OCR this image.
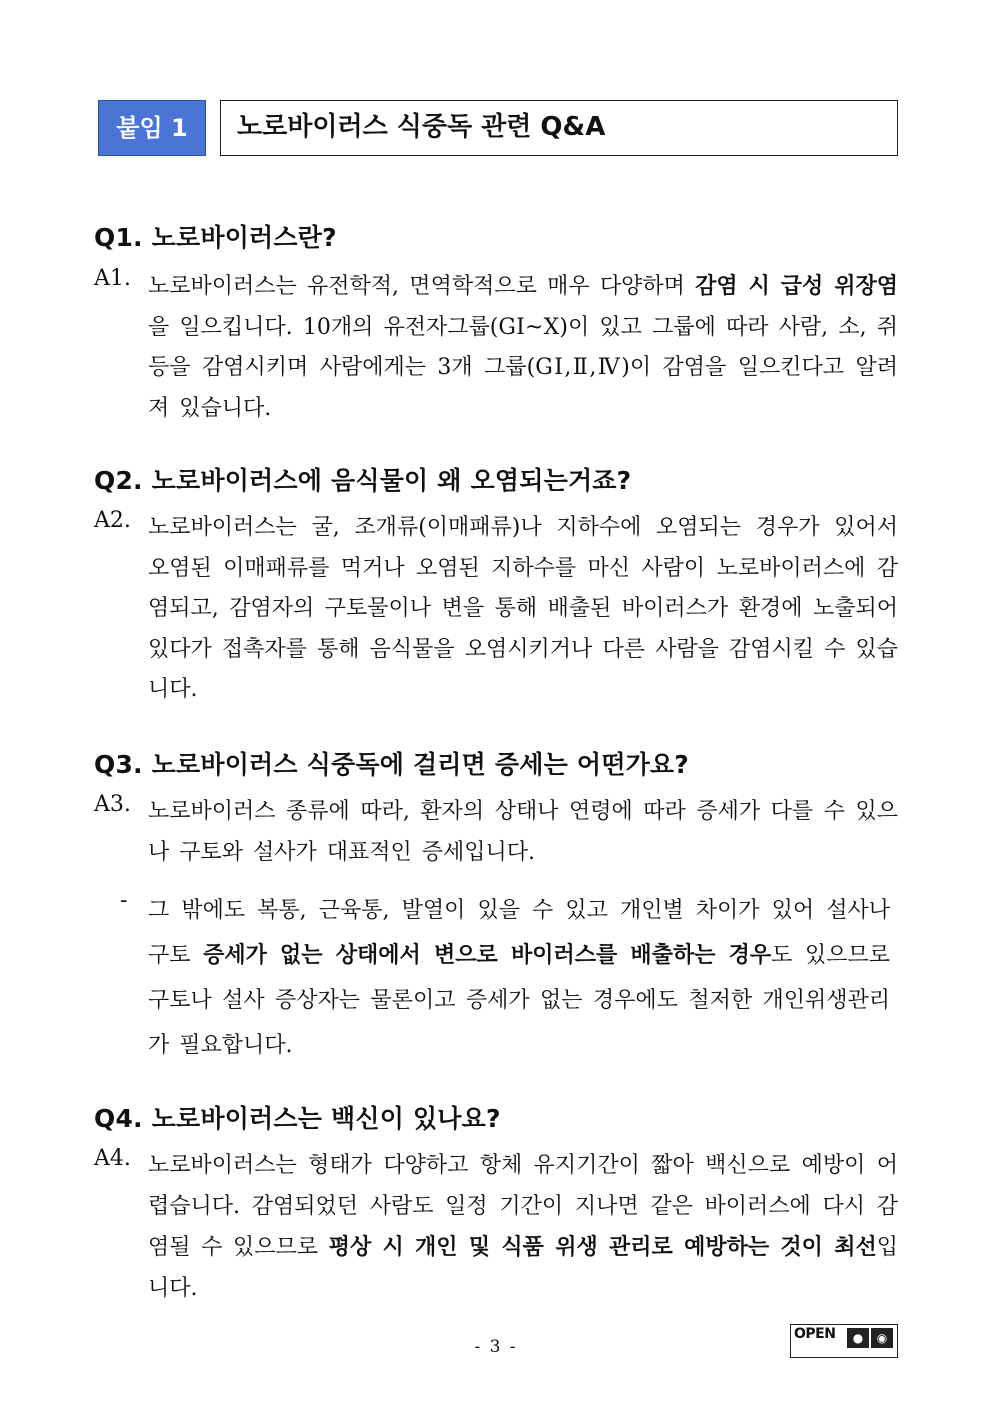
붙임 1	노로바이러스 식중독 관련 Q&A
Q1. 노로바이러스란?
A1. 노로바이러스는 유전학적, 면역학적으로 매우 다양하며 감염 시 급성 위장염을 일으킵니다. 10개의 유전자그룹(GⅠ~Ⅹ)이 있고 그룹에 따라 사람, 소, 쥐 등을 감염시키며 사람에게는 3개 그룹(GⅠ,Ⅱ,Ⅳ)이 감염을 일으킨다고 알려져 있습니다.
Q2. 노로바이러스에 음식물이 왜 오염되는거죠?
A2. 노로바이러스는 굴, 조개류(이매패류)나 지하수에 오염되는 경우가 있어서 오염된 이매패류를 먹거나 오염된 지하수를 마신 사람이 노로바이러스에 감염되고, 감염자의 구토물이나 변을 통해 배출된 바이러스가 환경에 노출되어 있다가 접촉자를 통해 음식물을 오염시키거나 다른 사람을 감염시킬 수 있습니다.
Q3. 노로바이러스 식중독에 걸리면 증세는 어떤가요?
A3. 노로바이러스 종류에 따라, 환자의 상태나 연령에 따라 증세가 다를 수 있으나 구토와 설사가 대표적인 증세입니다.
- 그 밖에도 복통, 근육통, 발열이 있을 수 있고 개인별 차이가 있어 설사나 구토 증세가 없는 상태에서 변으로 바이러스를 배출하는 경우도 있으므로 구토나 설사 증상자는 물론이고 증세가 없는 경우에도 철저한 개인위생관리가 필요합니다.
Q4. 노로바이러스는 백신이 있나요?
A4. 노로바이러스는 형태가 다양하고 항체 유지기간이 짧아 백신으로 예방이 어렵습니다. 감염되었던 사람도 일정 기간이 지나면 같은 바이러스에 다시 감염될 수 있으므로 평상 시 개인 및 식품 위생 관리로 예방하는 것이 최선입니다.
- 3 -
OPEN	●	◉
